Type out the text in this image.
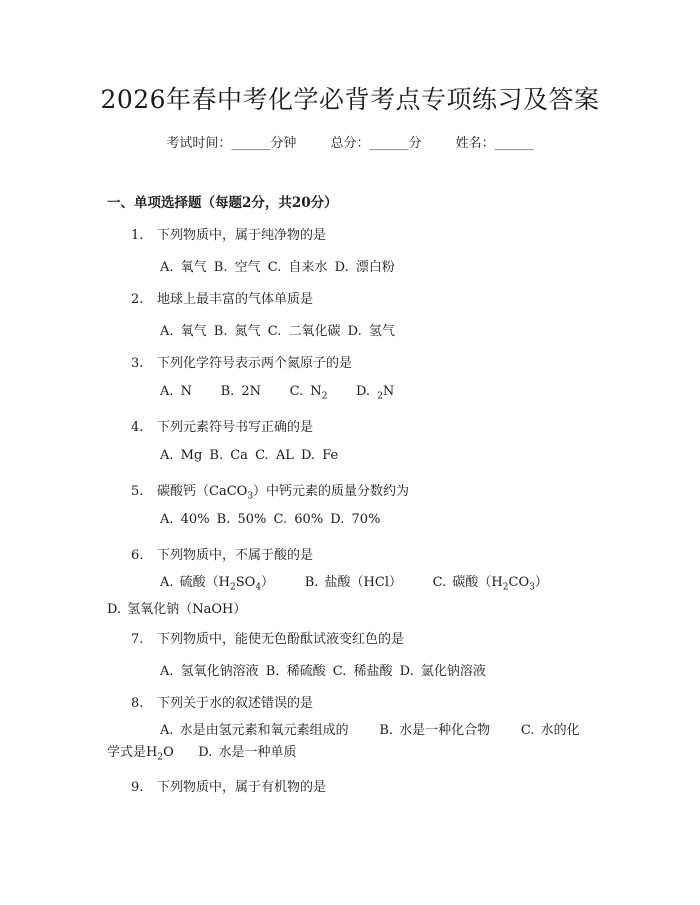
2026年春中考化学必背考点专项练习及答案
考试时间：______分钟	总分：______分	姓名：______
一、单项选择题（每题2分，共20分）
1. 下列物质中，属于纯净物的是
A. 氧气 B. 空气 C. 自来水 D. 漂白粉
2. 地球上最丰富的气体单质是
A. 氧气 B. 氮气 C. 二氧化碳 D. 氢气
3. 下列化学符号表示两个氮原子的是
A. N B. 2N C. $N_2$ D. $_2$N
4. 下列元素符号书写正确的是
A. Mg B. Ca C. AL D. Fe
5. 碳酸钙（CaCO$_3$）中钙元素的质量分数约为
A. 40% B. 50% C. 60% D. 70%
6. 下列物质中，不属于酸的是
A. 硫酸$(H_2SO_4)$ B. 盐酸（HCl） C. 碳酸$(H_2CO_3)$     D. 氢氧化钠（NaOH）
7. 下列物质中，能使无色酚酞试液变红色的是
A. 氢氧化钠溶液 B. 稀硫酸 C. 稀盐酸 D. 氯化钠溶液
8. 下列关于水的叙述错误的是
A. 水是由氢元素和氧元素组成的 B. 水是一种化合物 C. 水的化学式是$H_2O$ D. 水是一种单质
9. 下列物质中，属于有机物的是
